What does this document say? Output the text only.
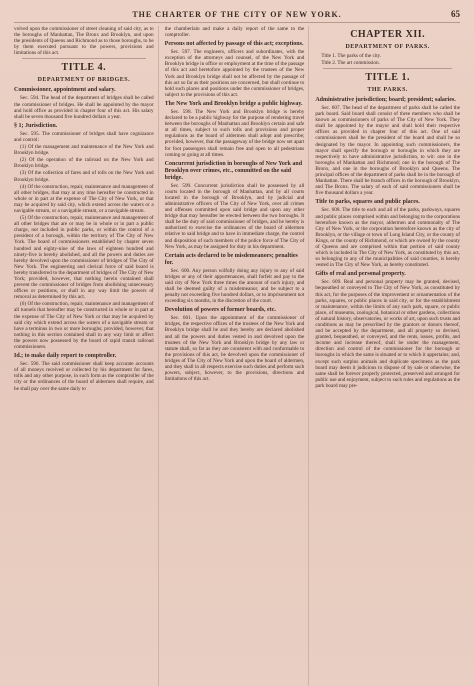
THE CHARTER OF THE CITY OF NEW YORK.	65

volved upon the commissioner of street cleaning of said city, as to the boroughs of Manhattan, The Bronx and Brooklyn, and upon the presidents of Queens and Richmond as to those boroughs, to be by them executed pursuant to the powers, provisions and limitations of this act.

TITLE 4.
DEPARTMENT OF BRIDGES.
Commissioner, appointment and salary.

Sec. 594. The head of the department of bridges shall be called the commissioner of bridges. He shall be appointed by the mayor and hold office as provided in chapter four of this act. His salary shall be seven thousand five hundred dollars a year.

§ 1; Jurisdiction.

Sec. 595. The commissioner of bridges shall have cognizance and control:

(1) Of the management and maintenance of the New York and Brooklyn bridge.

(2) Of the operation of the railroad on the New York and Brooklyn bridge.

(3) Of the collection of fares and of tolls on the New York and Brooklyn bridge.

(4) Of the construction, repair, maintenance and management of all other bridges, that may at any time hereafter be constructed in whole or in part at the expense of The City of New York, or that may be acquired by said city, which extend across the waters or a navigable stream, or a navigable stream, or a navigable stream.

(5) Of the construction, repair, maintenance and management of all other bridges that are or may be in whole or in part a public charge, not included in public parks, or within the control of a president of a borough, within the territory of The City of New York. The board of commissioners established by chapter seven hundred and eighty-nine of the laws of eighteen hundred and ninety-five is hereby abolished, and all the powers and duties are hereby devolved upon the commissioner of bridges of The City of New York. The engineering and clerical force of said board is hereby transferred to the department of bridges of The City of New York; provided, however, that nothing herein contained shall prevent the commissioner of bridges from abolishing unnecessary offices or positions, or shall in any way limit the powers of removal as determined by this act.

(6) Of the construction, repair, maintenance and management of all tunnels that hereafter may be constructed in whole or in part at the expense of The City of New York or that may be acquired by said city which extend across the waters of a navigable stream or have a terminus in two or more boroughs; provided, however, that nothing in this section contained shall in any way limit or affect the powers now possessed by the board of rapid transit railroad commissioners.

Id.; to make daily report to comptroller.

Sec. 596. The said commissioner shall keep accurate accounts of all moneys received or collected by his department for fares, tolls and any other purpose, in such form as the comptroller of the city or the ordinances of the board of aldermen shall require, and he shall pay over the same daily to

the chamberlain and make a daily report of the same to the comptroller.

Persons not affected by passage of this act; exceptions.

Sec. 597. The engineers, officers and subordinates, with the exception of the attorneys and counsel, of the New York and Brooklyn bridge in office or employment at the time of the passage of this act and heretofore appointed by the trustees of the New York and Brooklyn bridge shall not be affected by the passage of this act so far as their positions are concerned, but shall continue to hold such places and positions under the commissioner of bridges, subject to the provisions of this act.

The New York and Brooklyn bridge a public highway.

Sec. 598. The New York and Brooklyn bridge is hereby declared to be a public highway for the purpose of rendering travel between the boroughs of Manhattan and Brooklyn certain and safe at all times, subject to such tolls and provisions and proper regulations as the board of aldermen shall adopt and prescribe; provided, however, that the passageway of the bridge now set apart for foot passengers shall remain free and open to all pedestrians coming or going at all times.

Concurrent jurisdiction in boroughs of New York and Brooklyn over crimes, etc., committed on the said bridge.

Sec. 599. Concurrent jurisdiction shall be possessed by all courts located in the borough of Manhattan, and by all courts located in the borough of Brooklyn, and by judicial and administrative officers of The City of New York, over all crimes and offenses committed upon said bridge and upon any other bridge that may hereafter be erected between the two boroughs. It shall be the duty of said commissioner of bridges, and he hereby is authorized to exercise the ordinances of the board of aldermen relative to said bridge and to have in immediate charge, the control and disposition of such members of the police force of The City of New York, as may be assigned for duty in his department.

Certain acts declared to be misdemeanors; penalties for.

Sec. 600. Any person wilfully doing any injury to any of said bridges or any of their appurtenances, shall forfeit and pay to the said city of New York three times the amount of such injury, and shall be deemed guilty of a misdemeanor, and be subject to a penalty not exceeding five hundred dollars, or to imprisonment not exceeding six months, in the discretion of the court.

Devolution of powers of former boards, etc.

Sec. 601. Upon the appointment of the commissioner of bridges, the respective offices of the trustees of the New York and Brooklyn bridge shall be and they hereby are declared abolished and all the powers and duties vested in and devolved upon the trustees of the New York and Brooklyn bridge by any law or statute shall, so far as they are consistent with and conformable to the provisions of this act, be devolved upon the commissioner of bridges of The City of New York and upon the board of aldermen, and they shall in all respects exercise such duties and perform such powers, subject, however, to the provisions, directions and limitations of this act.

CHAPTER XII.
DEPARTMENT OF PARKS.
Title 1. The parks of the city.
Title 2. The art commission.
TITLE 1.
THE PARKS.
Administrative jurisdiction; board; president; salaries.

Sec. 607. The head of the department of parks shall be called the park board. Said board shall consist of three members who shall be known as commissioners of parks of The City of New York. They shall be appointed by the mayor and shall hold their respective offices as provided in chapter four of this act. One of said commissioners shall be the president of the board and shall be so designated by the mayor. In appointing such commissioners, the mayor shall specify the borough or boroughs in which they are respectively to have administrative jurisdiction, to wit: one in the boroughs of Manhattan and Richmond; one in the borough of The Bronx, and one in the boroughs of Brooklyn and Queens. The principal offices of the department of parks shall be in the borough of Manhattan. There shall be branch offices in the borough of Brooklyn, and The Bronx. The salary of each of said commissioners shall be five thousand dollars a year.

Title to parks, squares and public places.

Sec. 608. The title to each and all of the parks, parkways, squares and public places comprised within and belonging to the corporations heretofore known as the mayor, aldermen and commonalty of The City of New York, or the corporation heretofore known as the city of Brooklyn, or the village or town of Long Island City, or the county of Kings, or the county of Richmond, or which are owned by the county of Queens and are comprised within that portion of said county which is included in The City of New York, as constituted by this act, so belonging to any of the municipalities of said counties, is hereby vested in The City of New York, as hereby constituted.

Gifts of real and personal property.

Sec. 609. Real and personal property may be granted, devised, bequeathed or conveyed to The City of New York, as constituted by this act, for the purposes of the improvement or ornamentation of the parks, squares, or public places in said city, or for the establishment or maintenance, within the limits of any such park, square, or public place, of museums, zoological, botanical or other gardens, collections of natural history, observatories, or works of art, upon such trusts and conditions as may be prescribed by the grantors or donors thereof, and be accepted by the department, and all property so devised, granted, bequeathed, or conveyed, and the rents, issues, profits, and income and increase thereof, shall be under the management, direction and control of the commissioner for the borough or boroughs in which the same is situated or to which it appertains; and, except such surplus animals and duplicate specimens as the park board may deem it judicious to dispose of by sale or otherwise, the same shall be forever properly protected, preserved and arranged for public use and enjoyment, subject to such rules and regulations as the park board may pre-
